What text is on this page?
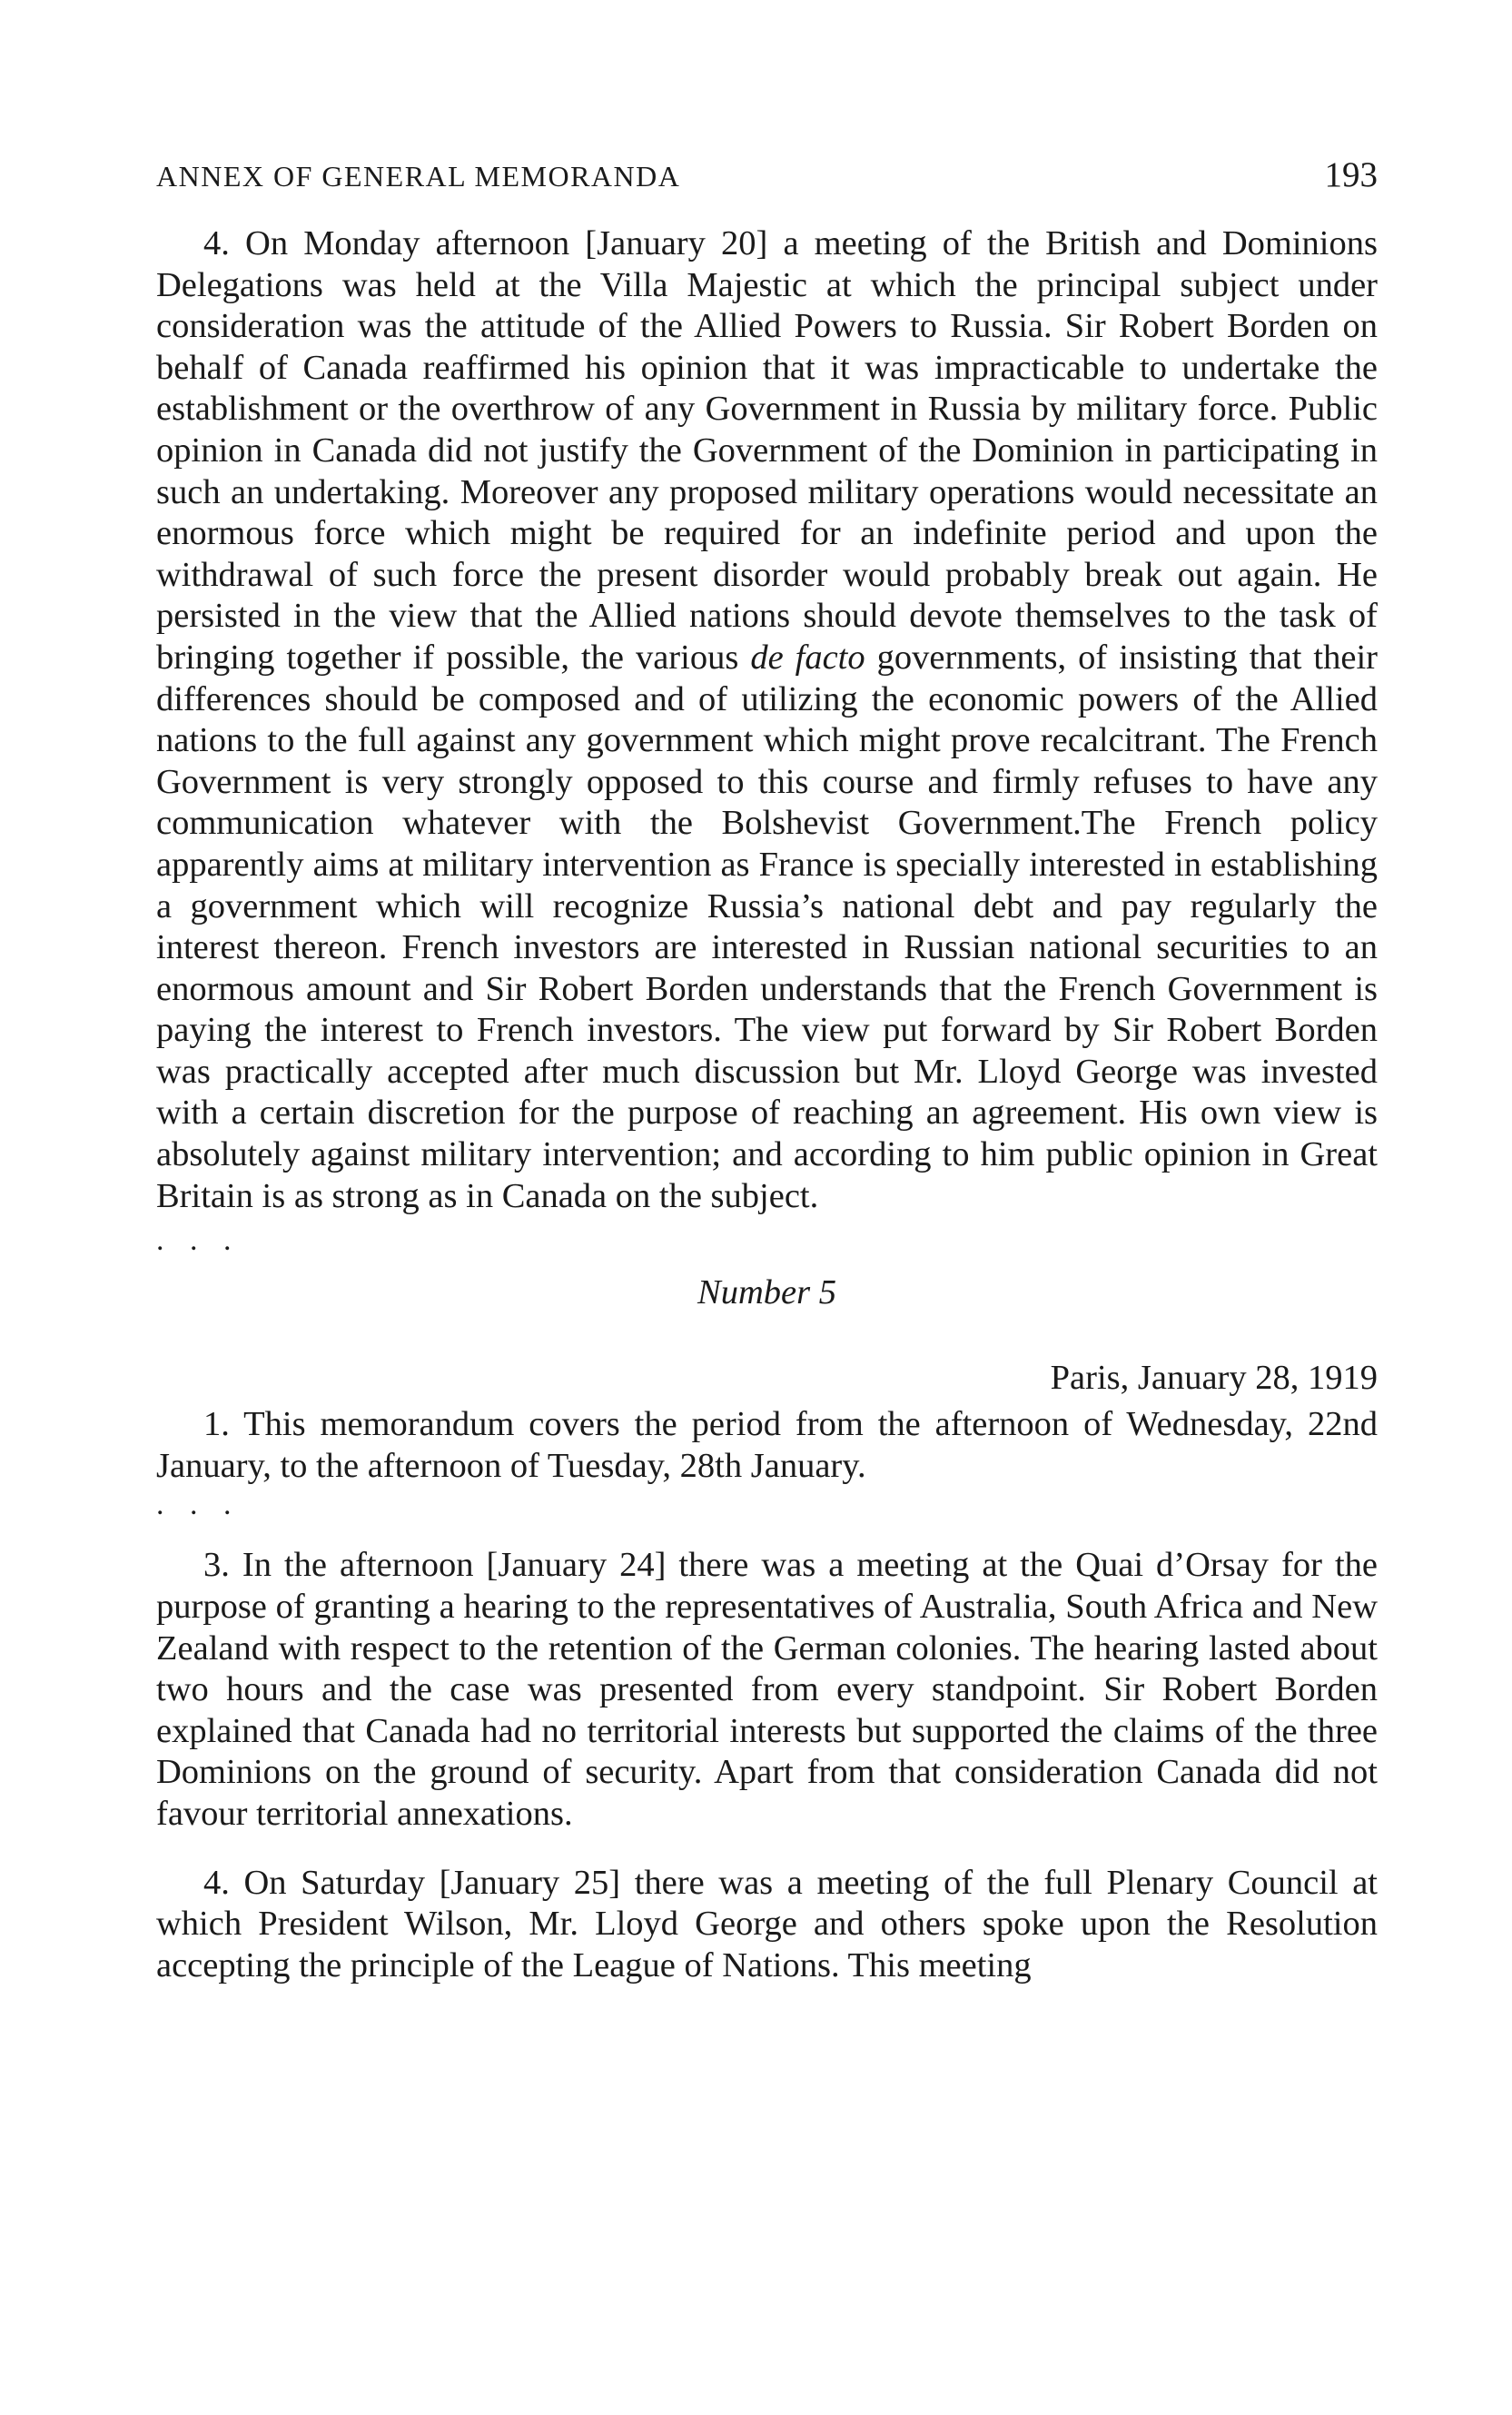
ANNEX OF GENERAL MEMORANDA	193

4. On Monday afternoon [January 20] a meeting of the British and Dominions Delegations was held at the Villa Majestic at which the principal subject under consideration was the attitude of the Allied Powers to Russia. Sir Robert Borden on behalf of Canada reaffirmed his opinion that it was impracticable to undertake the establishment or the overthrow of any Government in Russia by military force. Public opinion in Canada did not justify the Government of the Dominion in participating in such an undertaking. Moreover any proposed military operations would necessitate an enormous force which might be required for an indefinite period and upon the withdrawal of such force the present disorder would probably break out again. He persisted in the view that the Allied nations should devote themselves to the task of bringing together if possible, the various de facto governments, of insisting that their differences should be composed and of utilizing the economic powers of the Allied nations to the full against any government which might prove recalcitrant. The French Government is very strongly opposed to this course and firmly refuses to have any communication whatever with the Bolshevist Government.The French policy apparently aims at military intervention as France is specially interested in establishing a government which will recognize Russia’s national debt and pay regularly the interest thereon. French investors are interested in Russian national securities to an enormous amount and Sir Robert Borden understands that the French Government is paying the interest to French investors. The view put forward by Sir Robert Borden was practically accepted after much discussion but Mr. Lloyd George was invested with a certain discretion for the purpose of reaching an agreement. His own view is absolutely against military intervention; and according to him public opinion in Great Britain is as strong as in Canada on the subject.

. . .
Number 5
Paris, January 28, 1919

1. This memorandum covers the period from the afternoon of Wednesday, 22nd January, to the afternoon of Tuesday, 28th January.

. . .

3. In the afternoon [January 24] there was a meeting at the Quai d’Orsay for the purpose of granting a hearing to the representatives of Australia, South Africa and New Zealand with respect to the retention of the German colonies. The hearing lasted about two hours and the case was presented from every standpoint. Sir Robert Borden explained that Canada had no territorial interests but supported the claims of the three Dominions on the ground of security. Apart from that consideration Canada did not favour territorial annexations.

4. On Saturday [January 25] there was a meeting of the full Plenary Council at which President Wilson, Mr. Lloyd George and others spoke upon the Resolution accepting the principle of the League of Nations. This meeting
